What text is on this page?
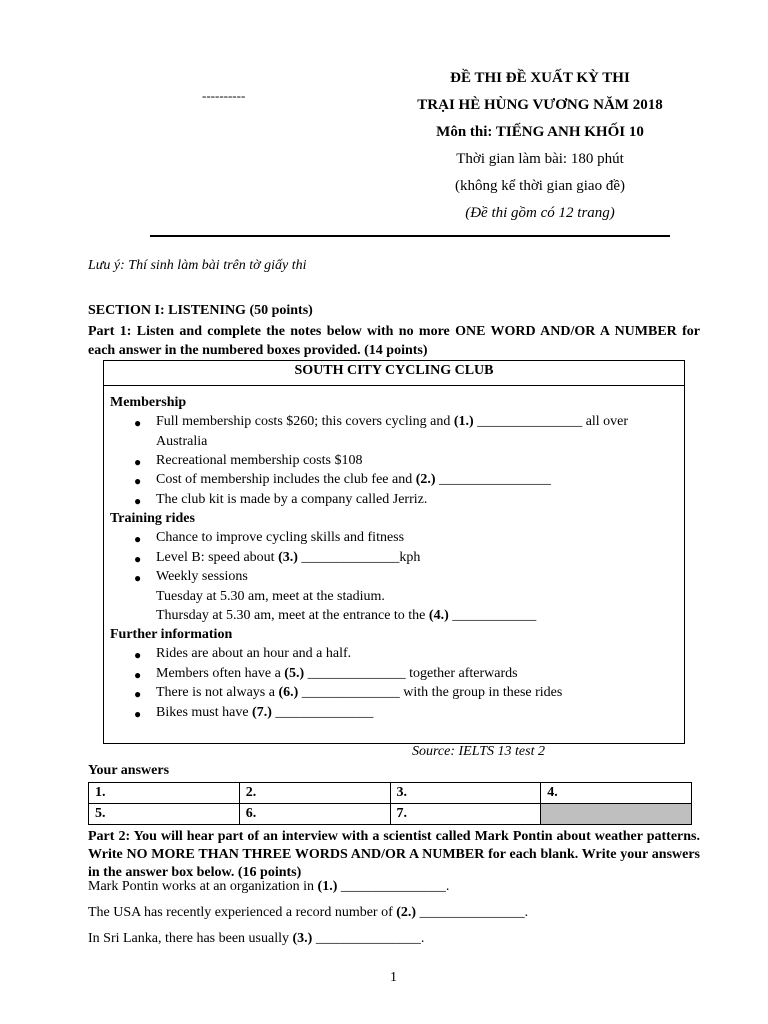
----------
ĐỀ THI ĐỀ XUẤT KỲ THI
TRẠI HÈ HÙNG VƯƠNG NĂM 2018
Môn thi: TIẾNG ANH KHỐI 10
Thời gian làm bài: 180 phút
(không kể thời gian giao đề)
(Đề thi gồm có 12 trang)
Lưu ý: Thí sinh làm bài trên tờ giấy thi
SECTION I: LISTENING (50 points)
Part 1: Listen and complete the notes below with no more ONE WORD AND/OR A NUMBER for each answer in the numbered boxes provided. (14 points)
SOUTH CITY CYCLING CLUB
Membership
● Full membership costs $260; this covers cycling and (1.) _______________ all over
Australia
● Recreational membership costs $108
● Cost of membership includes the club fee and (2.) ________________
● The club kit is made by a company called Jerriz.
Training rides
● Chance to improve cycling skills and fitness
● Level B: speed about (3.) ______________kph
● Weekly sessions
Tuesday at 5.30 am, meet at the stadium.
Thursday at 5.30 am, meet at the entrance to the (4.) ____________
Further information
● Rides are about an hour and a half.
● Members often have a (5.) ______________ together afterwards
● There is not always a (6.) ______________ with the group in these rides
● Bikes must have (7.) ______________
Source: IELTS 13 test 2
Your answers
1.	2.	3.	4.
5.	6.	7.	
Part 2: You will hear part of an interview with a scientist called Mark Pontin about weather patterns. Write NO MORE THAN THREE WORDS AND/OR A NUMBER for each blank. Write your answers in the answer box below. (16 points)
Mark Pontin works at an organization in (1.) _______________.
The USA has recently experienced a record number of (2.) _______________.
In Sri Lanka, there has been usually (3.) _______________.
1
